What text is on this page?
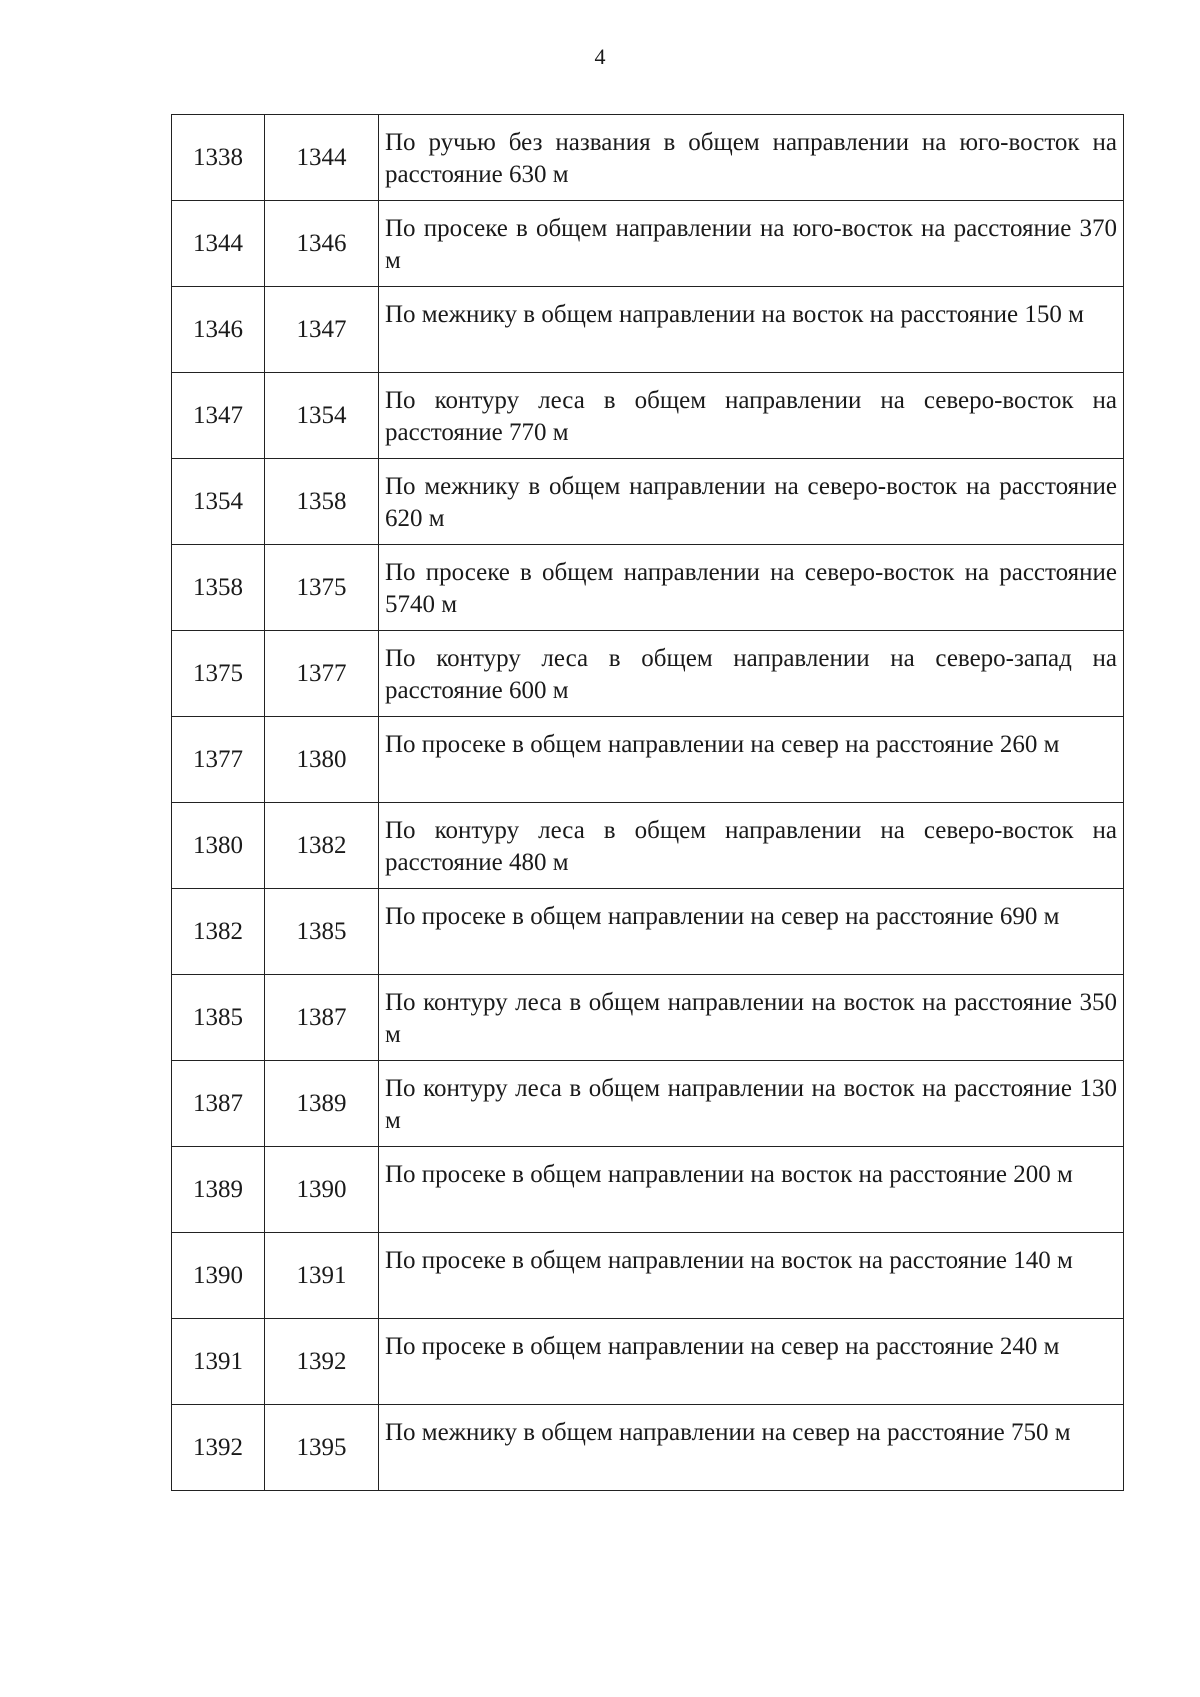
4
1338	1344	По ручью без названия в общем направлении на юго-восток на расстояние 630 м
1344	1346	По просеке в общем направлении на юго-восток на расстояние 370 м
1346	1347	По межнику в общем направлении на восток на расстояние 150 м
1347	1354	По контуру леса в общем направлении на северо-восток на расстояние 770 м
1354	1358	По межнику в общем направлении на северо-восток на расстояние 620 м
1358	1375	По просеке в общем направлении на северо-восток на расстояние 5740 м
1375	1377	По контуру леса в общем направлении на северо-запад на расстояние 600 м
1377	1380	По просеке в общем направлении на север на расстояние 260 м
1380	1382	По контуру леса в общем направлении на северо-восток на расстояние 480 м
1382	1385	По просеке в общем направлении на север на расстояние 690 м
1385	1387	По контуру леса в общем направлении на восток на расстояние 350 м
1387	1389	По контуру леса в общем направлении на восток на расстояние 130 м
1389	1390	По просеке в общем направлении на восток на расстояние 200 м
1390	1391	По просеке в общем направлении на восток на расстояние 140 м
1391	1392	По просеке в общем направлении на север на расстояние 240 м
1392	1395	По межнику в общем направлении на север на расстояние 750 м
